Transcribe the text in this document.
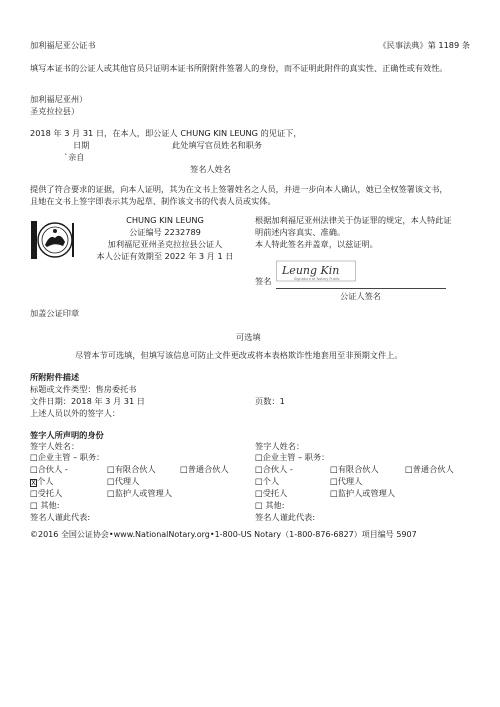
加利福尼亚公证书	《民事法典》第 1189 条
填写本证书的公证人或其他官员只证明本证书所附附件签署人的身份，而不证明此附件的真实性、正确性或有效性。
加利福尼亚州）
圣克拉拉县）
2018 年 3 月 31 日，在本人，即公证人 CHUNG KIN LEUNG 的见证下，
日期	此处填写官员姓名和职务
`亲自
签名人姓名
提供了符合要求的证据，向本人证明，其为在文书上签署姓名之人员，并进一步向本人确认，她已全权签署该文书，
且她在文书上签字即表示其为起草、制作该文书的代表人员或实体。
CHUNG KIN LEUNG
公证编号 2232789
加利福尼亚州圣克拉拉县公证人
本人公证有效期至 2022 年 3 月 1 日
根据加利福尼亚州法律关于伪证罪的规定，本人特此证
明前述内容真实、准确。
本人特此签名并盖章，以兹证明。
Leung Kin
Signature of Notary Public
签名
公证人签名
加盖公证印章
可选填
尽管本节可选填，但填写该信息可防止文件更改或将本表格欺诈性地套用至非预期文件上。
所附附件描述
标题或文件类型：售房委托书
文件日期：2018 年 3 月 31 日	页数：1
上述人员以外的签字人：
签字人所声明的身份
签字人姓名：
□企业主管 – 职务：
□合伙人 -	□有限合伙人	□普通合伙人
X个人	□代理人
□受托人	□监护人或管理人
□ 其他:
签名人谨此代表:
签字人姓名：
□企业主管 – 职务：
□合伙人 -	□有限合伙人	□普通合伙人
□个人	□代理人
□受托人	□监护人或管理人
□ 其他:
签名人谨此代表:
©2016 全国公证协会•www.NationalNotary.org•1-800-US Notary（1-800-876-6827）项目编号 5907
